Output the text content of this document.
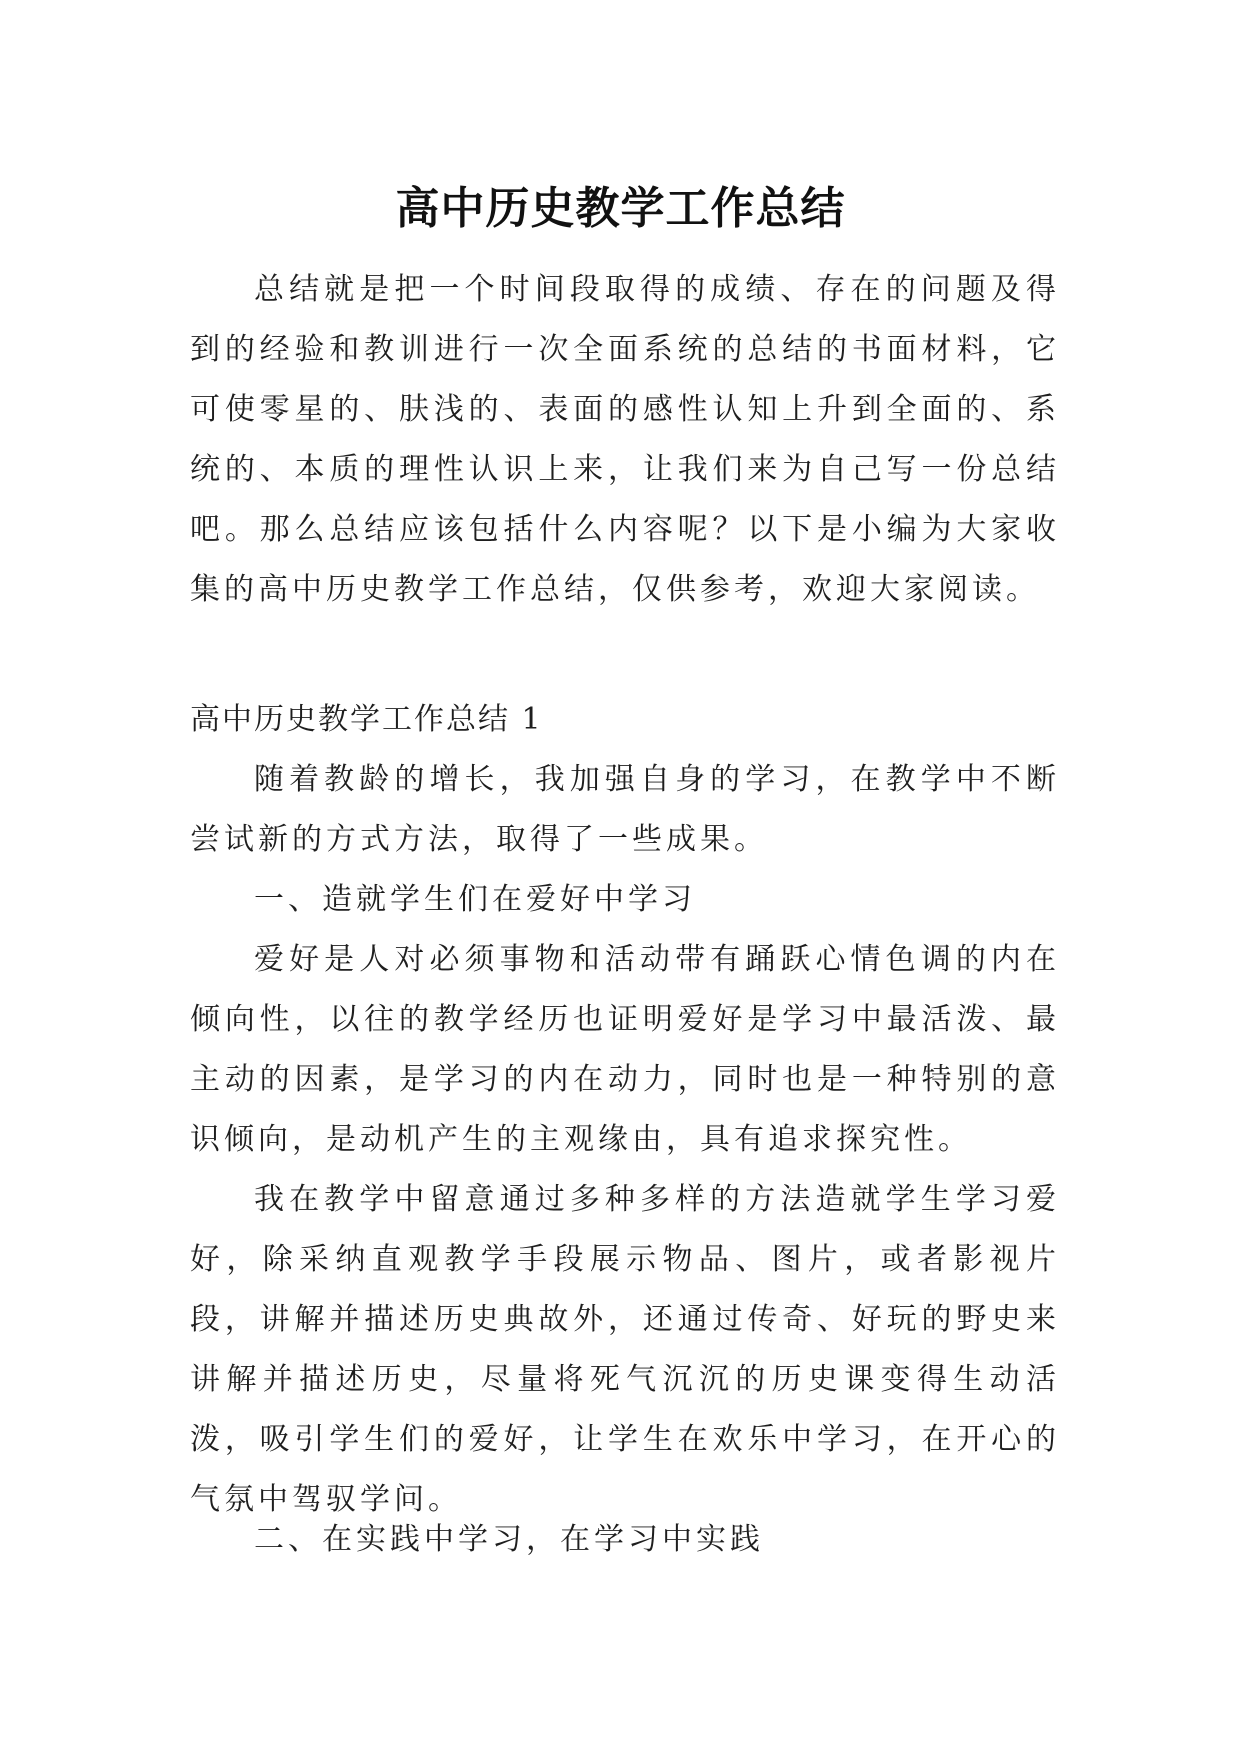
高中历史教学工作总结

总结就是把一个时间段取得的成绩、存在的问题及得到的经验和教训进行一次全面系统的总结的书面材料，它可使零星的、肤浅的、表面的感性认知上升到全面的、系统的、本质的理性认识上来，让我们来为自己写一份总结吧。那么总结应该包括什么内容呢？以下是小编为大家收集的高中历史教学工作总结，仅供参考，欢迎大家阅读。

高中历史教学工作总结 1

随着教龄的增长，我加强自身的学习，在教学中不断尝试新的方式方法，取得了一些成果。

一、造就学生们在爱好中学习

爱好是人对必须事物和活动带有踊跃心情色调的内在倾向性，以往的教学经历也证明爱好是学习中最活泼、最主动的因素，是学习的内在动力，同时也是一种特别的意识倾向，是动机产生的主观缘由，具有追求探究性。

我在教学中留意通过多种多样的方法造就学生学习爱好，除采纳直观教学手段展示物品、图片，或者影视片段，讲解并描述历史典故外，还通过传奇、好玩的野史来讲解并描述历史，尽量将死气沉沉的历史课变得生动活泼，吸引学生们的爱好，让学生在欢乐中学习，在开心的气氛中驾驭学问。

二、在实践中学习，在学习中实践
